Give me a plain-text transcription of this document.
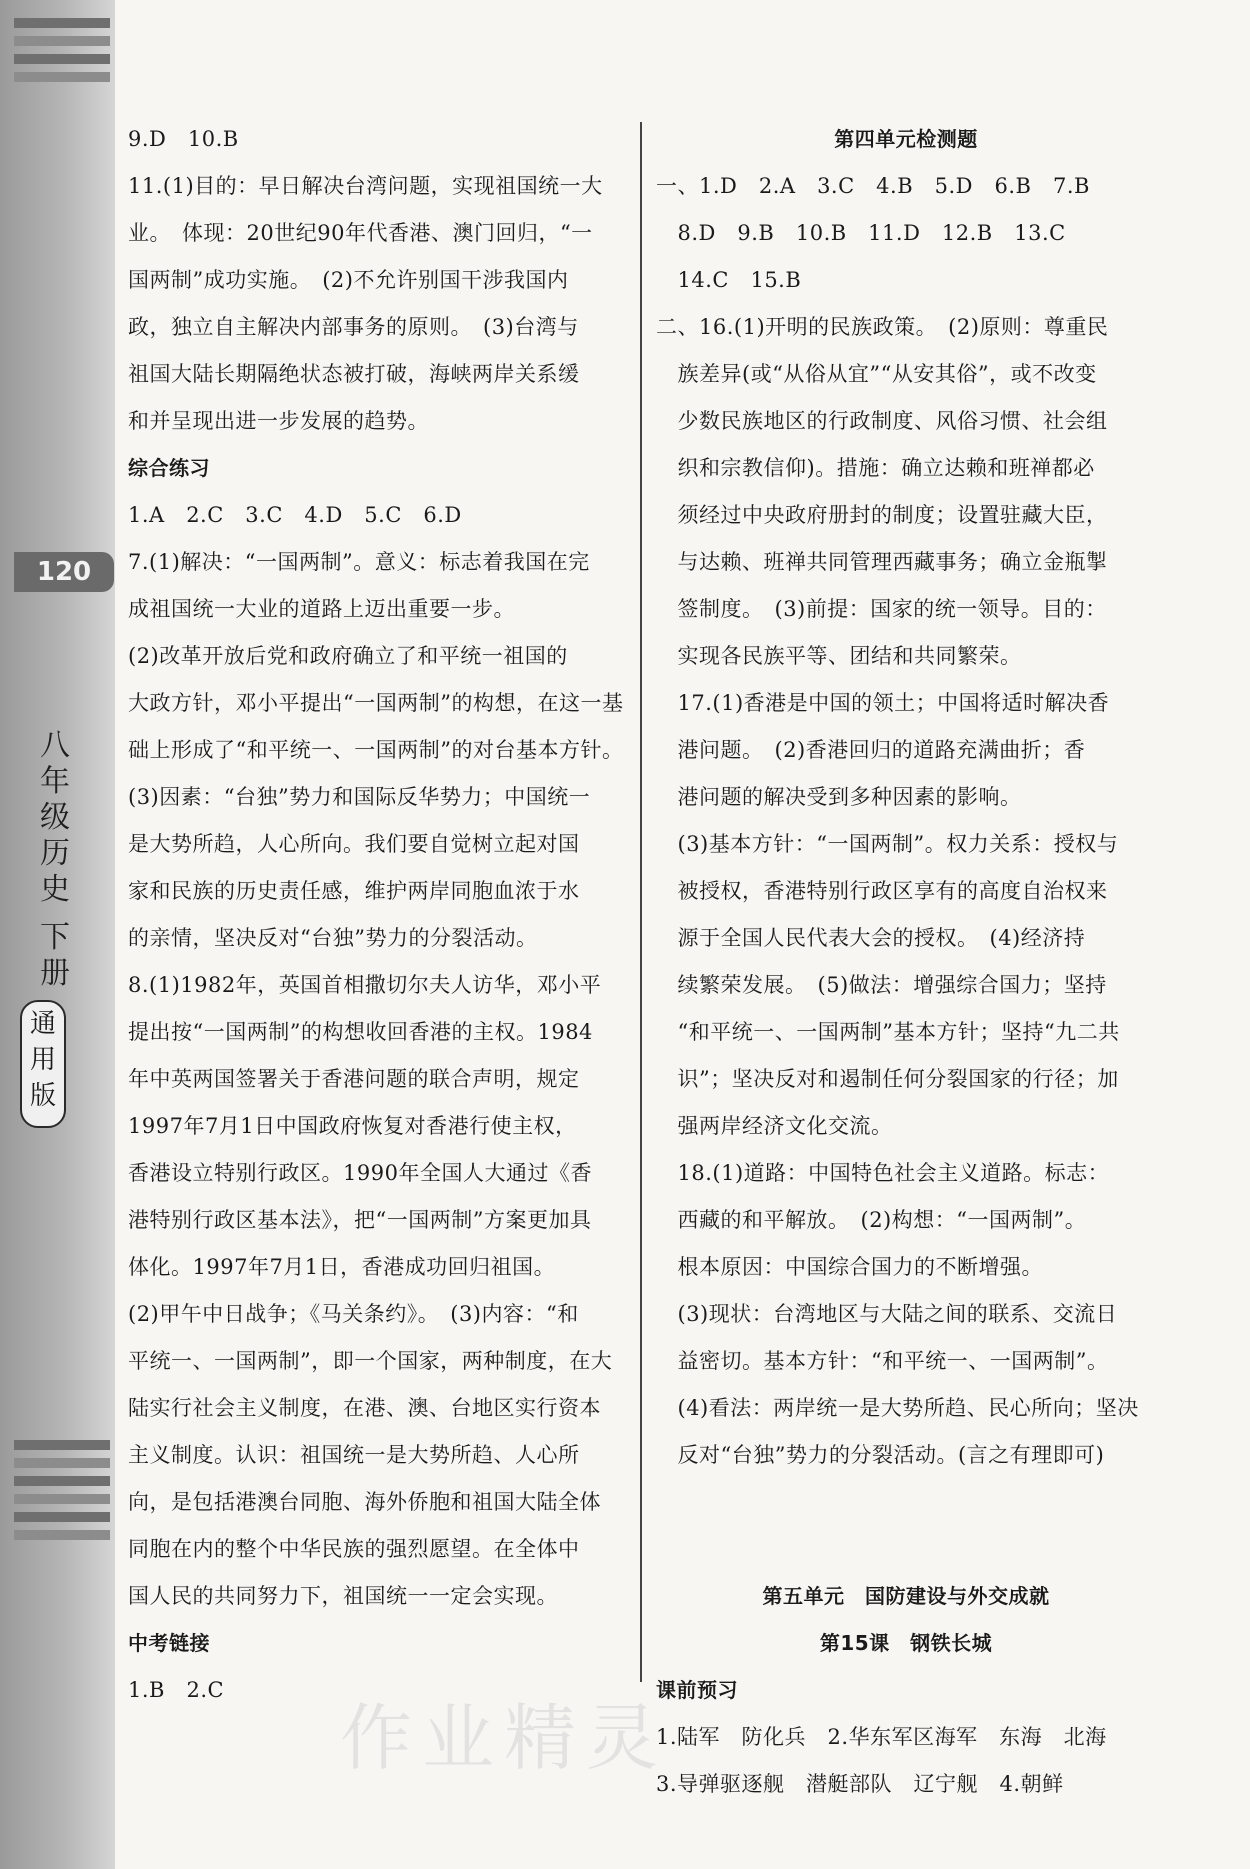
120
八
年
级
历
史
下
册
通
用
版

9.D　10.B

11.(1)目的：早日解决台湾问题，实现祖国统一大

业。　体现：20世纪90年代香港、澳门回归，“一

国两制”成功实施。　(2)不允许别国干涉我国内

政，独立自主解决内部事务的原则。　(3)台湾与

祖国大陆长期隔绝状态被打破，海峡两岸关系缓

和并呈现出进一步发展的趋势。

综合练习

1.A　2.C　3.C　4.D　5.C　6.D

7.(1)解决：“一国两制”。意义：标志着我国在完

成祖国统一大业的道路上迈出重要一步。

(2)改革开放后党和政府确立了和平统一祖国的

大政方针，邓小平提出“一国两制”的构想，在这一基

础上形成了“和平统一、一国两制”的对台基本方针。

(3)因素：“台独”势力和国际反华势力；中国统一

是大势所趋，人心所向。我们要自觉树立起对国

家和民族的历史责任感，维护两岸同胞血浓于水

的亲情，坚决反对“台独”势力的分裂活动。

8.(1)1982年，英国首相撒切尔夫人访华，邓小平

提出按“一国两制”的构想收回香港的主权。1984

年中英两国签署关于香港问题的联合声明，规定

1997年7月1日中国政府恢复对香港行使主权，

香港设立特别行政区。1990年全国人大通过《香

港特别行政区基本法》，把“一国两制”方案更加具

体化。1997年7月1日，香港成功回归祖国。

(2)甲午中日战争；《马关条约》。　(3)内容：“和

平统一、一国两制”，即一个国家，两种制度，在大

陆实行社会主义制度，在港、澳、台地区实行资本

主义制度。认识：祖国统一是大势所趋、人心所

向，是包括港澳台同胞、海外侨胞和祖国大陆全体

同胞在内的整个中华民族的强烈愿望。在全体中

国人民的共同努力下，祖国统一一定会实现。

中考链接

1.B　2.C

第四单元检测题

一、1.D　2.A　3.C　4.B　5.D　6.B　7.B

　8.D　9.B　10.B　11.D　12.B　13.C

　14.C　15.B

二、16.(1)开明的民族政策。　(2)原则：尊重民

　族差异(或“从俗从宜”“从安其俗”，或不改变

　少数民族地区的行政制度、风俗习惯、社会组

　织和宗教信仰)。措施：确立达赖和班禅都必

　须经过中央政府册封的制度；设置驻藏大臣，

　与达赖、班禅共同管理西藏事务；确立金瓶掣

　签制度。　(3)前提：国家的统一领导。目的：

　实现各民族平等、团结和共同繁荣。

　17.(1)香港是中国的领土；中国将适时解决香

　港问题。　(2)香港回归的道路充满曲折；香

　港问题的解决受到多种因素的影响。

　(3)基本方针：“一国两制”。权力关系：授权与

　被授权，香港特别行政区享有的高度自治权来

　源于全国人民代表大会的授权。　(4)经济持

　续繁荣发展。　(5)做法：增强综合国力；坚持

　“和平统一、一国两制”基本方针；坚持“九二共

　识”；坚决反对和遏制任何分裂国家的行径；加

　强两岸经济文化交流。

　18.(1)道路：中国特色社会主义道路。标志：

　西藏的和平解放。　(2)构想：“一国两制”。

　根本原因：中国综合国力的不断增强。

　(3)现状：台湾地区与大陆之间的联系、交流日

　益密切。基本方针：“和平统一、一国两制”。

　(4)看法：两岸统一是大势所趋、民心所向；坚决

　反对“台独”势力的分裂活动。(言之有理即可)

第五单元　国防建设与外交成就

第15课　钢铁长城

课前预习

1.陆军　防化兵　2.华东军区海军　东海　北海

3.导弹驱逐舰　潜艇部队　辽宁舰　4.朝鲜

作业精灵
